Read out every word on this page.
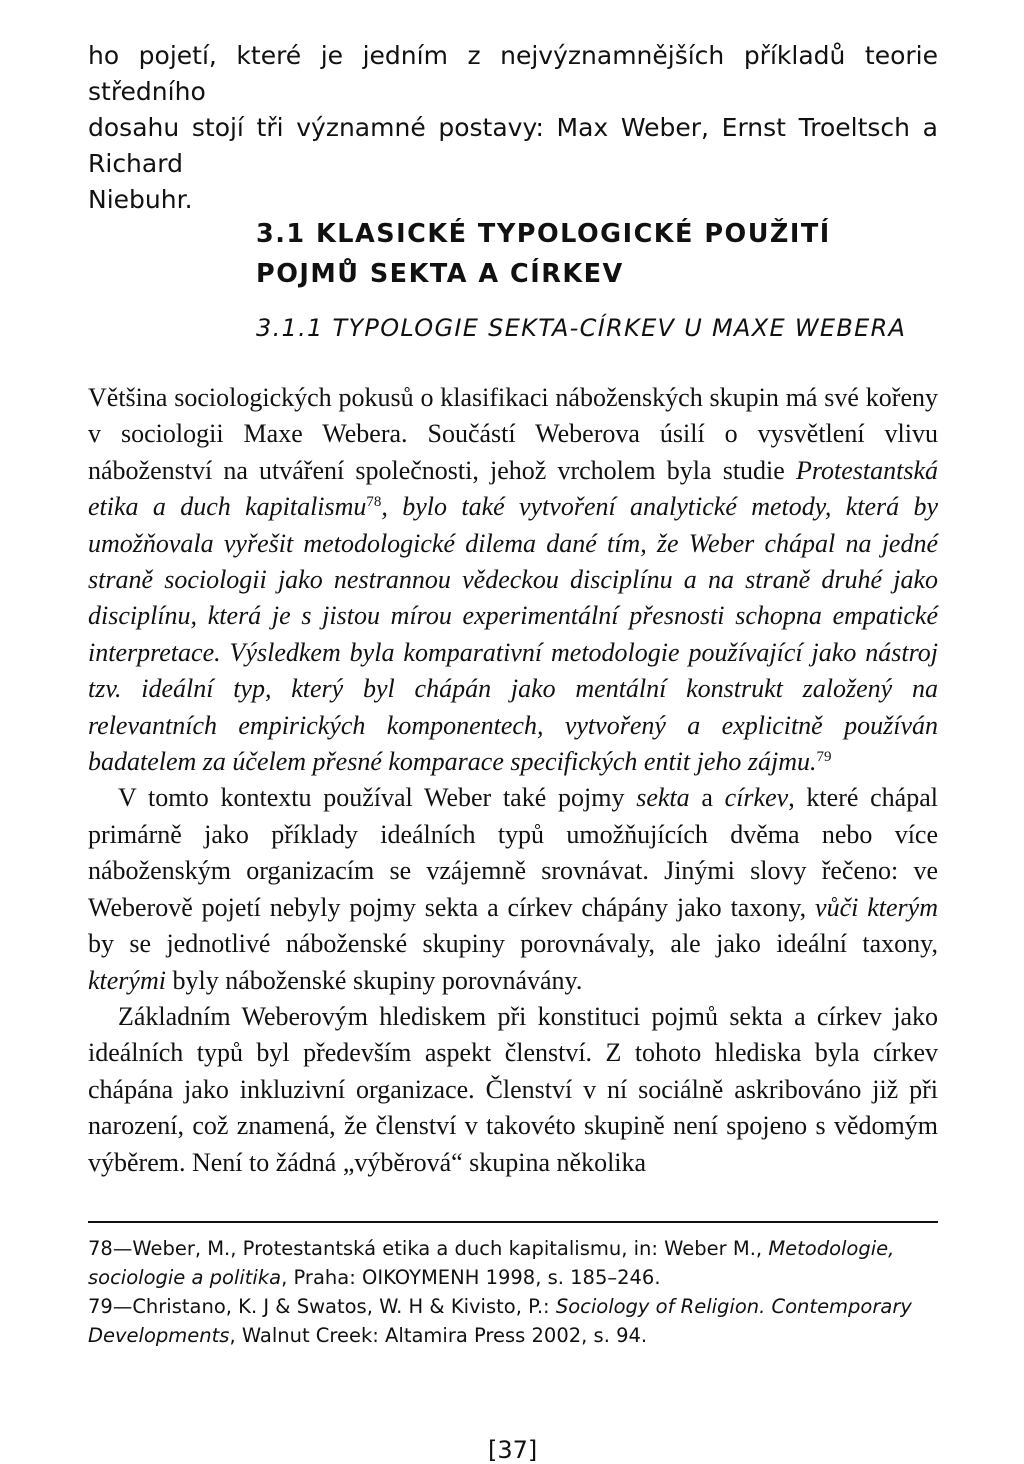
ho pojetí, které je jedním z nejvýznamnějších příkladů teorie středního

dosahu stojí tři významné postavy: Max Weber, Ernst Troeltsch a Richard

Niebuhr.

3.1 KLASICKÉ TYPOLOGICKÉ POUŽITÍ
POJMŮ SEKTA A CÍRKEV
3.1.1 TYPOLOGIE SEKTA-CÍRKEV U MAXE WEBERA

Většina sociologických pokusů o klasifikaci náboženských skupin má své kořeny v sociologii Maxe Webera. Součástí Weberova úsilí o vysvětlení vlivu náboženství na utváření společnosti, jehož vrcholem byla studie Protestantská etika a duch kapitalismu$^{78}$, bylo také vytvoření analytické metody, která by umožňovala vyřešit metodologické dilema dané tím, že Weber chápal na jedné straně sociologii jako nestrannou vědeckou disciplínu a na straně druhé jako disciplínu, která je s jistou mírou experimentální přesnosti schopna empatické interpretace. Výsledkem byla komparativní metodologie používající jako nástroj tzv. ideální typ, který byl chápán jako mentální konstrukt založený na relevantních empirických komponentech, vytvořený a explicitně používán badatelem za účelem přesné komparace specifických entit jeho zájmu.$^{79}$

V tomto kontextu používal Weber také pojmy sekta a církev, které chápal primárně jako příklady ideálních typů umožňujících dvěma nebo více náboženským organizacím se vzájemně srovnávat. Jinými slovy řečeno: ve Weberově pojetí nebyly pojmy sekta a církev chápány jako taxony, vůči kterým by se jednotlivé náboženské skupiny porovnávaly, ale jako ideální taxony, kterými byly náboženské skupiny porovnávány.

Základním Weberovým hlediskem při konstituci pojmů sekta a církev jako ideálních typů byl především aspekt členství. Z tohoto hlediska byla církev chápána jako inkluzivní organizace. Členství v ní sociálně askribováno již při narození, což znamená, že členství v takovéto skupině není spojeno s vědomým výběrem. Není to žádná „výběrová“ skupina několika

78—Weber, M., Protestantská etika a duch kapitalismu, in: Weber M., Metodologie, sociologie a politika, Praha: OIKOYMENH 1998, s. 185–246.

79—Christano, K. J & Swatos, W. H & Kivisto, P.: Sociology of Religion. Contemporary Developments, Walnut Creek: Altamira Press 2002, s. 94.

[37]
